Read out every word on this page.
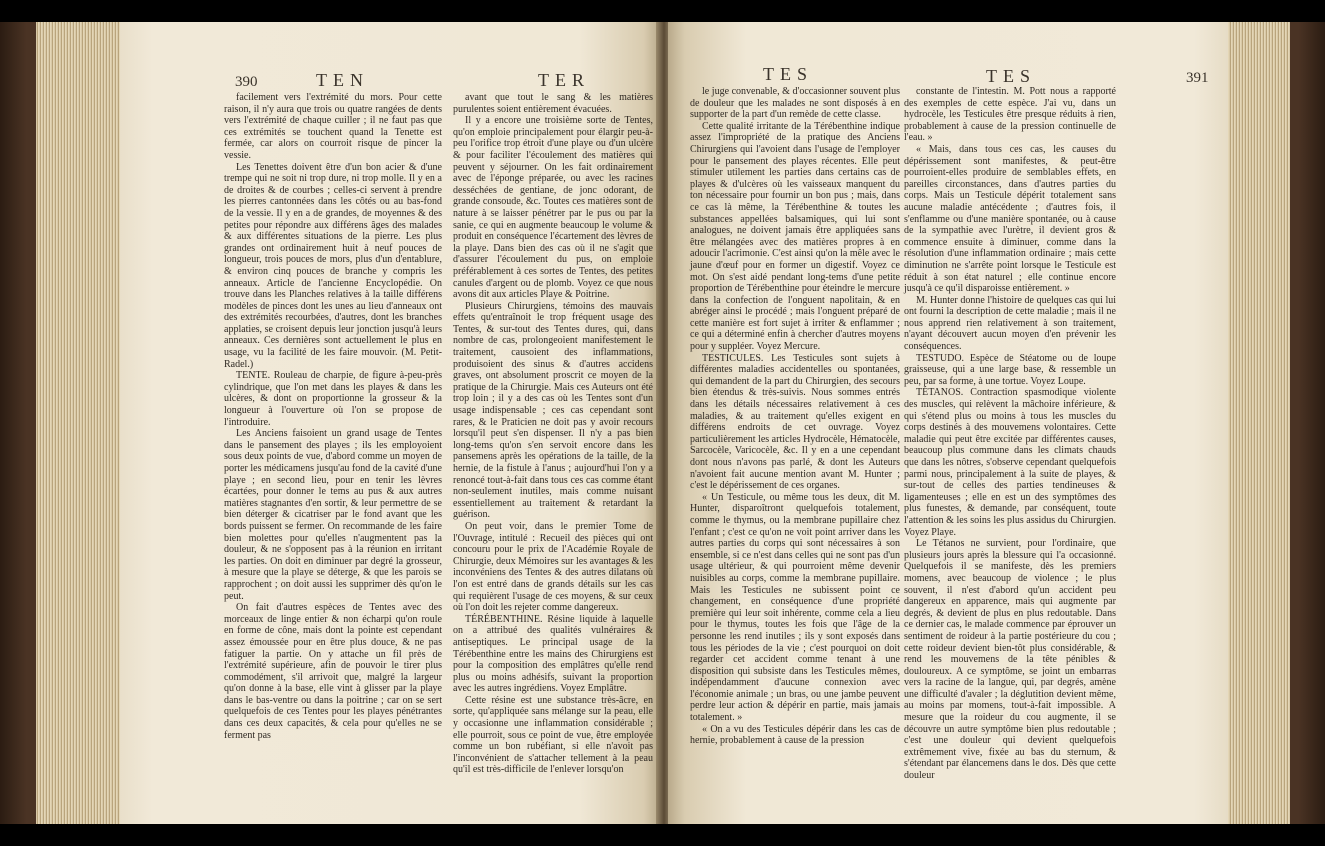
390	TEN	TER

facilement vers l'extrémité du mors. Pour cette raison, il n'y aura que trois ou quatre rangées de dents vers l'extrémité de chaque cuiller ; il ne faut pas que ces extrémités se touchent quand la Tenette est fermée, car alors on courroit risque de pincer la vessie.

Les Tenettes doivent être d'un bon acier & d'une trempe qui ne soit ni trop dure, ni trop molle. Il y en a de droites & de courbes ; celles-ci servent à prendre les pierres cantonnées dans les côtés ou au bas-fond de la vessie. Il y en a de grandes, de moyennes & des petites pour répondre aux différens âges des malades & aux différentes situations de la pierre. Les plus grandes ont ordinairement huit à neuf pouces de longueur, trois pouces de mors, plus d'un d'entablure, & environ cinq pouces de branche y compris les anneaux. Article de l'ancienne Encyclopédie. On trouve dans les Planches relatives à la taille différens modèles de pinces dont les unes au lieu d'anneaux ont des extrémités recourbées, d'autres, dont les branches applaties, se croisent depuis leur jonction jusqu'à leurs anneaux. Ces dernières sont actuellement le plus en usage, vu la facilité de les faire mouvoir. (M. Petit-Radel.)

TENTE. Rouleau de charpie, de figure à-peu-près cylindrique, que l'on met dans les playes & dans les ulcères, & dont on proportionne la grosseur & la longueur à l'ouverture où l'on se propose de l'introduire.

Les Anciens faisoient un grand usage de Tentes dans le pansement des playes ; ils les employoient sous deux points de vue, d'abord comme un moyen de porter les médicamens jusqu'au fond de la cavité d'une playe ; en second lieu, pour en tenir les lèvres écartées, pour donner le tems au pus & aux autres matières stagnantes d'en sortir, & leur permettre de se bien déterger & cicatriser par le fond avant que les bords puissent se fermer. On recommande de les faire bien molettes pour qu'elles n'augmentent pas la douleur, & ne s'opposent pas à la réunion en irritant les parties. On doit en diminuer par degré la grosseur, à mesure que la playe se déterge, & que les parois se rapprochent ; on doit aussi les supprimer dès qu'on le peut.

On fait d'autres espèces de Tentes avec des morceaux de linge entier & non écharpi qu'on roule en forme de cône, mais dont la pointe est cependant assez émoussée pour en être plus douce, & ne pas fatiguer la partie. On y attache un fil près de l'extrémité supérieure, afin de pouvoir le tirer plus commodément, s'il arrivoit que, malgré la largeur qu'on donne à la base, elle vint à glisser par la playe dans le bas-ventre ou dans la poitrine ; car on se sert quelquefois de ces Tentes pour les playes pénétrantes dans ces deux capacités, & cela pour qu'elles ne se ferment pas

avant que tout le sang & les matières purulentes soient entièrement évacuées.

Il y a encore une troisième sorte de Tentes, qu'on emploie principalement pour élargir peu-à-peu l'orifice trop étroit d'une playe ou d'un ulcère & pour faciliter l'écoulement des matières qui peuvent y séjourner. On les fait ordinairement avec de l'éponge préparée, ou avec les racines desséchées de gentiane, de jonc odorant, de grande consoude, &c. Toutes ces matières sont de nature à se laisser pénétrer par le pus ou par la sanie, ce qui en augmente beaucoup le volume & produit en conséquence l'écartement des lèvres de la playe. Dans bien des cas où il ne s'agit que d'assurer l'écoulement du pus, on emploie préférablement à ces sortes de Tentes, des petites canules d'argent ou de plomb. Voyez ce que nous avons dit aux articles Playe & Poitrine.

Plusieurs Chirurgiens, témoins des mauvais effets qu'entraînoit le trop fréquent usage des Tentes, & sur-tout des Tentes dures, qui, dans nombre de cas, prolongeoient manifestement le traitement, causoient des inflammations, produisoient des sinus & d'autres accidens graves, ont absolument proscrit ce moyen de la pratique de la Chirurgie. Mais ces Auteurs ont été trop loin ; il y a des cas où les Tentes sont d'un usage indispensable ; ces cas cependant sont rares, & le Praticien ne doit pas y avoir recours lorsqu'il peut s'en dispenser. Il n'y a pas bien long-tems qu'on s'en servoit encore dans les pansemens après les opérations de la taille, de la hernie, de la fistule à l'anus ; aujourd'hui l'on y a renoncé tout-à-fait dans tous ces cas comme étant non-seulement inutiles, mais comme nuisant essentiellement au traitement & retardant la guérison.

On peut voir, dans le premier Tome de l'Ouvrage, intitulé : Recueil des pièces qui ont concouru pour le prix de l'Académie Royale de Chirurgie, deux Mémoires sur les avantages & les inconvéniens des Tentes & des autres dilatans où l'on est entré dans de grands détails sur les cas qui requièrent l'usage de ces moyens, & sur ceux où l'on doit les rejeter comme dangereux.

TÉRÉBENTHINE. Résine liquide à laquelle on a attribué des qualités vulnéraires & antiseptiques. Le principal usage de la Térébenthine entre les mains des Chirurgiens est pour la composition des emplâtres qu'elle rend plus ou moins adhésifs, suivant la proportion avec les autres ingrédiens. Voyez Emplâtre.

Cette résine est une substance très-âcre, en sorte, qu'appliquée sans mélange sur la peau, elle y occasionne une inflammation considérable ; elle pourroit, sous ce point de vue, être employée comme un bon rubéfiant, si elle n'avoit pas l'inconvénient de s'attacher tellement à la peau qu'il est très-difficile de l'enlever lorsqu'on

TES	TES	391

le juge convenable, & d'occasionner souvent plus de douleur que les malades ne sont disposés à en supporter de la part d'un remède de cette classe.

Cette qualité irritante de la Térébenthine indique assez l'impropriété de la pratique des Anciens Chirurgiens qui l'avoient dans l'usage de l'employer pour le pansement des playes récentes. Elle peut stimuler utilement les parties dans certains cas de playes & d'ulcères où les vaisseaux manquent du ton nécessaire pour fournir un bon pus ; mais, dans ce cas là même, la Térébenthine & toutes les substances appellées balsamiques, qui lui sont analogues, ne doivent jamais être appliquées sans être mélangées avec des matières propres à en adoucir l'acrimonie. C'est ainsi qu'on la mêle avec le jaune d'œuf pour en former un digestif. Voyez ce mot. On s'est aidé pendant long-tems d'une petite proportion de Térébenthine pour éteindre le mercure dans la confection de l'onguent napolitain, & en abréger ainsi le procédé ; mais l'onguent préparé de cette manière est fort sujet à irriter & enflammer ; ce qui a déterminé enfin à chercher d'autres moyens pour y suppléer. Voyez Mercure.

TESTICULES. Les Testicules sont sujets à différentes maladies accidentelles ou spontanées, qui demandent de la part du Chirurgien, des secours bien étendus & très-suivis. Nous sommes entrés dans les détails nécessaires relativement à ces maladies, & au traitement qu'elles exigent en différens endroits de cet ouvrage. Voyez particulièrement les articles Hydrocèle, Hématocèle, Sarcocèle, Varicocèle, &c. Il y en a une cependant dont nous n'avons pas parlé, & dont les Auteurs n'avoient fait aucune mention avant M. Hunter ; c'est le dépérissement de ces organes.

« Un Testicule, ou même tous les deux, dit M. Hunter, disparoîtront quelquefois totalement, comme le thymus, ou la membrane pupillaire chez l'enfant ; c'est ce qu'on ne voit point arriver dans les autres parties du corps qui sont nécessaires à son ensemble, si ce n'est dans celles qui ne sont pas d'un usage ultérieur, & qui pourroient même devenir nuisibles au corps, comme la membrane pupillaire. Mais les Testicules ne subissent point ce changement, en conséquence d'une propriété première qui leur soit inhérente, comme cela a lieu pour le thymus, toutes les fois que l'âge de la personne les rend inutiles ; ils y sont exposés dans tous les périodes de la vie ; c'est pourquoi on doit regarder cet accident comme tenant à une disposition qui subsiste dans les Testicules mêmes, indépendamment d'aucune connexion avec l'économie animale ; un bras, ou une jambe peuvent perdre leur action & dépérir en partie, mais jamais totalement. »

« On a vu des Testicules dépérir dans les cas de hernie, probablement à cause de la pression

constante de l'intestin. M. Pott nous a rapporté des exemples de cette espèce. J'ai vu, dans un hydrocèle, les Testicules être presque réduits à rien, probablement à cause de la pression continuelle de l'eau. »

« Mais, dans tous ces cas, les causes du dépérissement sont manifestes, & peut-être pourroient-elles produire de semblables effets, en pareilles circonstances, dans d'autres parties du corps. Mais un Testicule dépérit totalement sans aucune maladie antécédente ; d'autres fois, il s'enflamme ou d'une manière spontanée, ou à cause de la sympathie avec l'urètre, il devient gros & commence ensuite à diminuer, comme dans la résolution d'une inflammation ordinaire ; mais cette diminution ne s'arrête point lorsque le Testicule est réduit à son état naturel ; elle continue encore jusqu'à ce qu'il disparoisse entièrement. »

M. Hunter donne l'histoire de quelques cas qui lui ont fourni la description de cette maladie ; mais il ne nous apprend rien relativement à son traitement, n'ayant découvert aucun moyen d'en prévenir les conséquences.

TESTUDO. Espèce de Stéatome ou de loupe graisseuse, qui a une large base, & ressemble un peu, par sa forme, à une tortue. Voyez Loupe.

TÉTANOS. Contraction spasmodique violente des muscles, qui relèvent la mâchoire inférieure, & qui s'étend plus ou moins à tous les muscles du corps destinés à des mouvemens volontaires. Cette maladie qui peut être excitée par différentes causes, beaucoup plus commune dans les climats chauds que dans les nôtres, s'observe cependant quelquefois parmi nous, principalement à la suite de playes, & sur-tout de celles des parties tendineuses & ligamenteuses ; elle en est un des symptômes des plus funestes, & demande, par conséquent, toute l'attention & les soins les plus assidus du Chirurgien. Voyez Playe.

Le Tétanos ne survient, pour l'ordinaire, que plusieurs jours après la blessure qui l'a occasionné. Quelquefois il se manifeste, dès les premiers momens, avec beaucoup de violence ; le plus souvent, il n'est d'abord qu'un accident peu dangereux en apparence, mais qui augmente par degrés, & devient de plus en plus redoutable. Dans ce dernier cas, le malade commence par éprouver un sentiment de roideur à la partie postérieure du cou ; cette roideur devient bien-tôt plus considérable, & rend les mouvemens de la tête pénibles & douloureux. A ce symptôme, se joint un embarras vers la racine de la langue, qui, par degrés, amène une difficulté d'avaler ; la déglutition devient même, au moins par momens, tout-à-fait impossible. A mesure que la roideur du cou augmente, il se découvre un autre symptôme bien plus redoutable ; c'est une douleur qui devient quelquefois extrêmement vive, fixée au bas du sternum, & s'étendant par élancemens dans le dos. Dès que cette douleur
